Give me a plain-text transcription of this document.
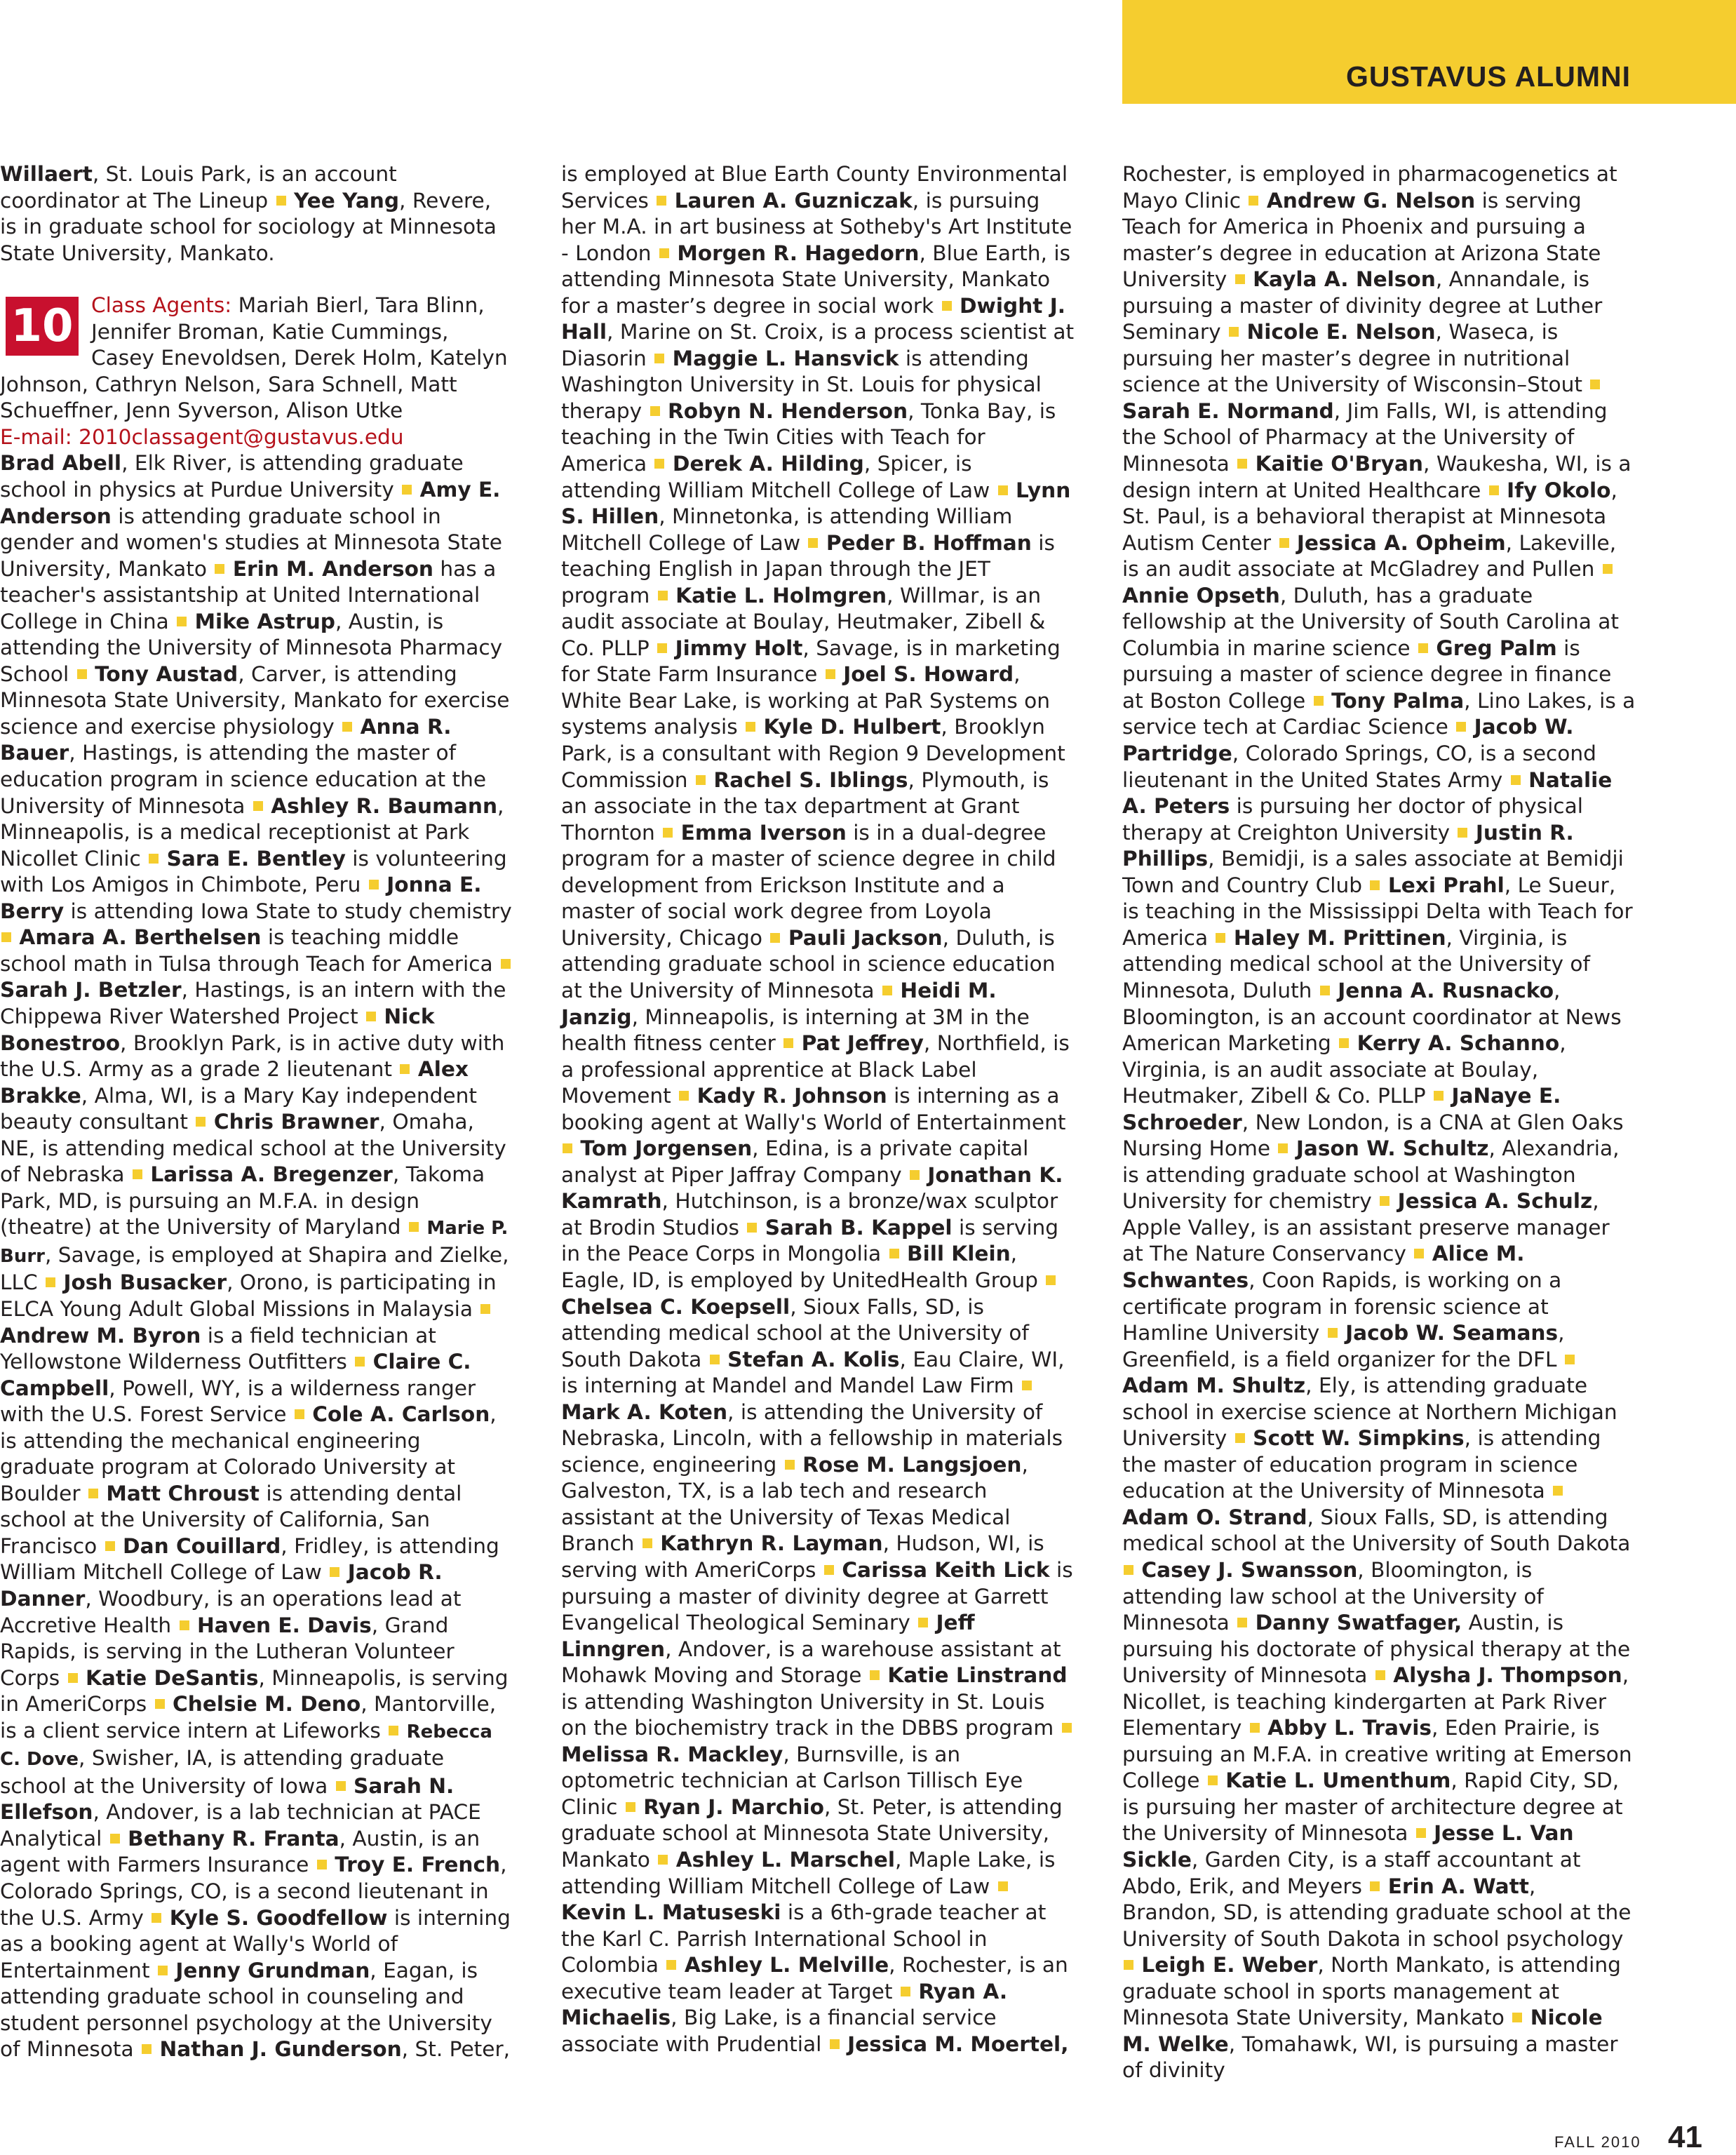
GUSTAVUS ALUMNI

Willaert, St. Louis Park, is an account coordinator at The Lineup  Yee Yang, Revere, is in graduate school for sociology at Minnesota State University, Mankato.

10 Class Agents: Mariah Bierl, Tara Blinn, Jennifer Broman, Katie Cummings, Casey Enevoldsen, Derek Holm, Katelyn Johnson, Cathryn Nelson, Sara Schnell, Matt Schueffner, Jenn Syverson, Alison Utke
E-mail: 2010classagent@gustavus.edu

Brad Abell, Elk River, is attending graduate school in physics at Purdue University  Amy E. Anderson is attending graduate school in gender and women's studies at Minnesota State University, Mankato  Erin M. Anderson has a teacher's assistantship at United International College in China  Mike Astrup, Austin, is attending the University of Minnesota Pharmacy School  Tony Austad, Carver, is attending Minnesota State University, Mankato for exercise science and exercise physiology  Anna R. Bauer, Hastings, is attending the master of education program in science education at the University of Minnesota  Ashley R. Baumann, Minneapolis, is a medical receptionist at Park Nicollet Clinic  Sara E. Bentley is volunteering with Los Amigos in Chimbote, Peru  Jonna E. Berry is attending Iowa State to study chemistry  Amara A. Berthelsen is teaching middle school math in Tulsa through Teach for America  Sarah J. Betzler, Hastings, is an intern with the Chippewa River Watershed Project  Nick Bonestroo, Brooklyn Park, is in active duty with the U.S. Army as a grade 2 lieutenant  Alex Brakke, Alma, WI, is a Mary Kay independent beauty consultant  Chris Brawner, Omaha, NE, is attending medical school at the University of Nebraska  Larissa A. Bregenzer, Takoma Park, MD, is pursuing an M.F.A. in design (theatre) at the University of Maryland  Marie P. Burr, Savage, is employed at Shapira and Zielke, LLC  Josh Busacker, Orono, is participating in ELCA Young Adult Global Missions in Malaysia  Andrew M. Byron is a field technician at Yellowstone Wilderness Outfitters  Claire C. Campbell, Powell, WY, is a wilderness ranger with the U.S. Forest Service  Cole A. Carlson, is attending the mechanical engineering graduate program at Colorado University at Boulder  Matt Chroust is attending dental school at the University of California, San Francisco  Dan Couillard, Fridley, is attending William Mitchell College of Law  Jacob R. Danner, Woodbury, is an operations lead at Accretive Health  Haven E. Davis, Grand Rapids, is serving in the Lutheran Volunteer Corps  Katie DeSantis, Minneapolis, is serving in AmeriCorps  Chelsie M. Deno, Mantorville, is a client service intern at Lifeworks  Rebecca C. Dove, Swisher, IA, is attending graduate school at the University of Iowa  Sarah N. Ellefson, Andover, is a lab technician at PACE Analytical  Bethany R. Franta, Austin, is an agent with Farmers Insurance  Troy E. French, Colorado Springs, CO, is a second lieutenant in the U.S. Army  Kyle S. Goodfellow is interning as a booking agent at Wally's World of Entertainment  Jenny Grundman, Eagan, is attending graduate school in counseling and student personnel psychology at the University of Minnesota  Nathan J. Gunderson, St. Peter,

is employed at Blue Earth County Environmental Services  Lauren A. Guzniczak, is pursuing her M.A. in art business at Sotheby's Art Institute - London  Morgen R. Hagedorn, Blue Earth, is attending Minnesota State University, Mankato for a master’s degree in social work  Dwight J. Hall, Marine on St. Croix, is a process scientist at Diasorin  Maggie L. Hansvick is attending Washington University in St. Louis for physical therapy  Robyn N. Henderson, Tonka Bay, is teaching in the Twin Cities with Teach for America  Derek A. Hilding, Spicer, is attending William Mitchell College of Law  Lynn S. Hillen, Minnetonka, is attending William Mitchell College of Law  Peder B. Hoffman is teaching English in Japan through the JET program  Katie L. Holmgren, Willmar, is an audit associate at Boulay, Heutmaker, Zibell & Co. PLLP  Jimmy Holt, Savage, is in marketing for State Farm Insurance  Joel S. Howard, White Bear Lake, is working at PaR Systems on systems analysis  Kyle D. Hulbert, Brooklyn Park, is a consultant with Region 9 Development Commission  Rachel S. Iblings, Plymouth, is an associate in the tax department at Grant Thornton  Emma Iverson is in a dual-degree program for a master of science degree in child development from Erickson Institute and a master of social work degree from Loyola University, Chicago  Pauli Jackson, Duluth, is attending graduate school in science education at the University of Minnesota  Heidi M. Janzig, Minneapolis, is interning at 3M in the health fitness center  Pat Jeffrey, Northfield, is a professional apprentice at Black Label Movement  Kady R. Johnson is interning as a booking agent at Wally's World of Entertainment  Tom Jorgensen, Edina, is a private capital analyst at Piper Jaffray Company  Jonathan K. Kamrath, Hutchinson, is a bronze/wax sculptor at Brodin Studios  Sarah B. Kappel is serving in the Peace Corps in Mongolia  Bill Klein, Eagle, ID, is employed by UnitedHealth Group  Chelsea C. Koepsell, Sioux Falls, SD, is attending medical school at the University of South Dakota  Stefan A. Kolis, Eau Claire, WI, is interning at Mandel and Mandel Law Firm  Mark A. Koten, is attending the University of Nebraska, Lincoln, with a fellowship in materials science, engineering  Rose M. Langsjoen, Galveston, TX, is a lab tech and research assistant at the University of Texas Medical Branch  Kathryn R. Layman, Hudson, WI, is serving with AmeriCorps  Carissa Keith Lick is pursuing a master of divinity degree at Garrett Evangelical Theological Seminary  Jeff Linngren, Andover, is a warehouse assistant at Mohawk Moving and Storage  Katie Linstrand is attending Washington University in St. Louis on the biochemistry track in the DBBS program  Melissa R. Mackley, Burnsville, is an optometric technician at Carlson Tillisch Eye Clinic  Ryan J. Marchio, St. Peter, is attending graduate school at Minnesota State University, Mankato  Ashley L. Marschel, Maple Lake, is attending William Mitchell College of Law  Kevin L. Matuseski is a 6th-grade teacher at the Karl C. Parrish International School in Colombia  Ashley L. Melville, Rochester, is an executive team leader at Target  Ryan A. Michaelis, Big Lake, is a financial service associate with Prudential  Jessica M. Moertel,

Rochester, is employed in pharmacogenetics at Mayo Clinic  Andrew G. Nelson is serving Teach for America in Phoenix and pursuing a master’s degree in education at Arizona State University  Kayla A. Nelson, Annandale, is pursuing a master of divinity degree at Luther Seminary  Nicole E. Nelson, Waseca, is pursuing her master’s degree in nutritional science at the University of Wisconsin–Stout  Sarah E. Normand, Jim Falls, WI, is attending the School of Pharmacy at the University of Minnesota  Kaitie O'Bryan, Waukesha, WI, is a design intern at United Healthcare  Ify Okolo, St. Paul, is a behavioral therapist at Minnesota Autism Center  Jessica A. Opheim, Lakeville, is an audit associate at McGladrey and Pullen  Annie Opseth, Duluth, has a graduate fellowship at the University of South Carolina at Columbia in marine science  Greg Palm is pursuing a master of science degree in finance at Boston College  Tony Palma, Lino Lakes, is a service tech at Cardiac Science  Jacob W. Partridge, Colorado Springs, CO, is a second lieutenant in the United States Army  Natalie A. Peters is pursuing her doctor of physical therapy at Creighton University  Justin R. Phillips, Bemidji, is a sales associate at Bemidji Town and Country Club  Lexi Prahl, Le Sueur, is teaching in the Mississippi Delta with Teach for America  Haley M. Prittinen, Virginia, is attending medical school at the University of Minnesota, Duluth  Jenna A. Rusnacko, Bloomington, is an account coordinator at News American Marketing  Kerry A. Schanno, Virginia, is an audit associate at Boulay, Heutmaker, Zibell & Co. PLLP  JaNaye E. Schroeder, New London, is a CNA at Glen Oaks Nursing Home  Jason W. Schultz, Alexandria, is attending graduate school at Washington University for chemistry  Jessica A. Schulz, Apple Valley, is an assistant preserve manager at The Nature Conservancy  Alice M. Schwantes, Coon Rapids, is working on a certificate program in forensic science at Hamline University  Jacob W. Seamans, Greenfield, is a field organizer for the DFL  Adam M. Shultz, Ely, is attending graduate school in exercise science at Northern Michigan University  Scott W. Simpkins, is attending the master of education program in science education at the University of Minnesota  Adam O. Strand, Sioux Falls, SD, is attending medical school at the University of South Dakota  Casey J. Swansson, Bloomington, is attending law school at the University of Minnesota  Danny Swatfager, Austin, is pursuing his doctorate of physical therapy at the University of Minnesota  Alysha J. Thompson, Nicollet, is teaching kindergarten at Park River Elementary  Abby L. Travis, Eden Prairie, is pursuing an M.F.A. in creative writing at Emerson College  Katie L. Umenthum, Rapid City, SD, is pursuing her master of architecture degree at the University of Minnesota  Jesse L. Van Sickle, Garden City, is a staff accountant at Abdo, Erik, and Meyers  Erin A. Watt, Brandon, SD, is attending graduate school at the University of South Dakota in school psychology  Leigh E. Weber, North Mankato, is attending graduate school in sports management at Minnesota State University, Mankato  Nicole M. Welke, Tomahawk, WI, is pursuing a master of divinity

FALL 2010 41
